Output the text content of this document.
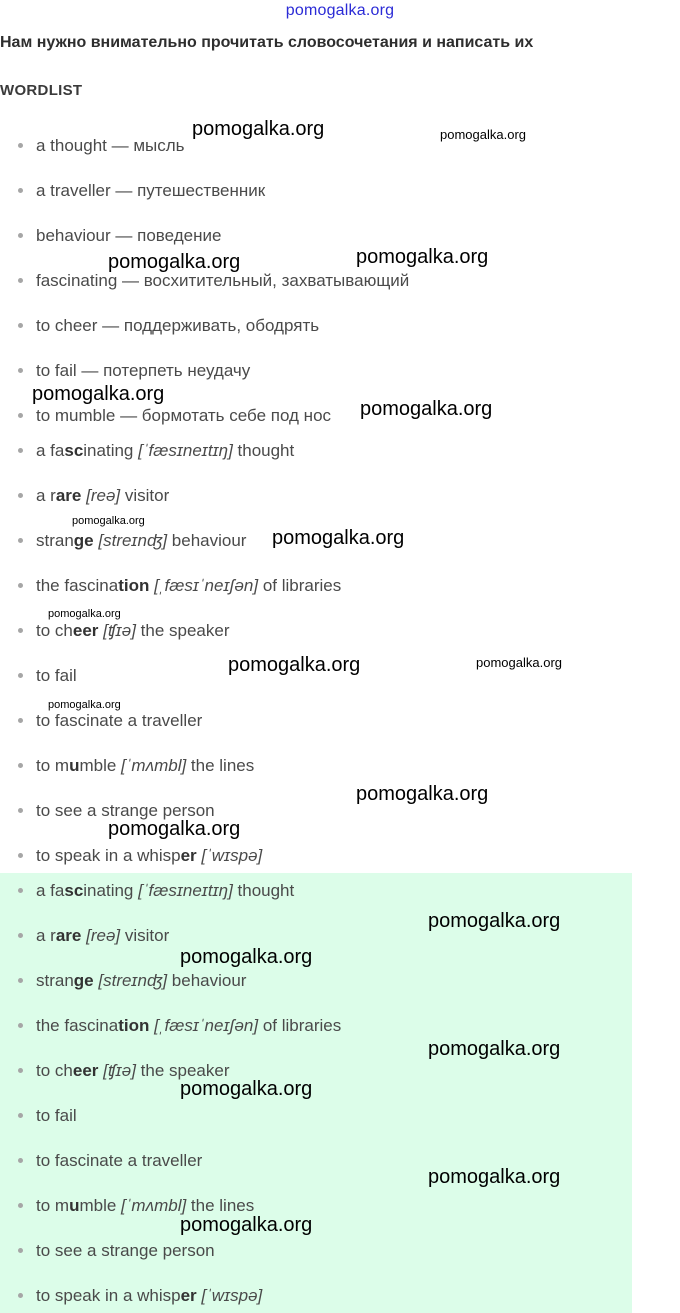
pomogalka.org
Нам нужно внимательно прочитать словосочетания и написать их
WORDLIST
a thought — мысль
a traveller — путешественник
behaviour — поведение
fascinating — восхитительный, захватывающий
to cheer — поддерживать, ободрять
to fail — потерпеть неудачу
to mumble — бормотать себе под нос
a fascinating [ˈfæsɪneɪtɪŋ] thought
a rare [reə] visitor
strange [streɪnʤ] behaviour
the fascination [ˌfæsɪˈneɪʃən] of libraries
to cheer [ʧɪə] the speaker
to fail
to fascinate a traveller
to mumble [ˈmʌmbl] the lines
to see a strange person
to speak in a whisper [ˈwɪspə]
a fascinating [ˈfæsɪneɪtɪŋ] thought
a rare [reə] visitor
strange [streɪnʤ] behaviour
the fascination [ˌfæsɪˈneɪʃən] of libraries
to cheer [ʧɪə] the speaker
to fail
to fascinate a traveller
to mumble [ˈmʌmbl] the lines
to see a strange person
to speak in a whisper [ˈwɪspə]
pomogalka.org	pomogalka.org
pomogalka.org	pomogalka.org
pomogalka.org
pomogalka.org
pomogalka.org
pomogalka.org
pomogalka.org
pomogalka.org	pomogalka.org
pomogalka.org
pomogalka.org
pomogalka.org
pomogalka.org
pomogalka.org
pomogalka.org
pomogalka.org
pomogalka.org
pomogalka.org
